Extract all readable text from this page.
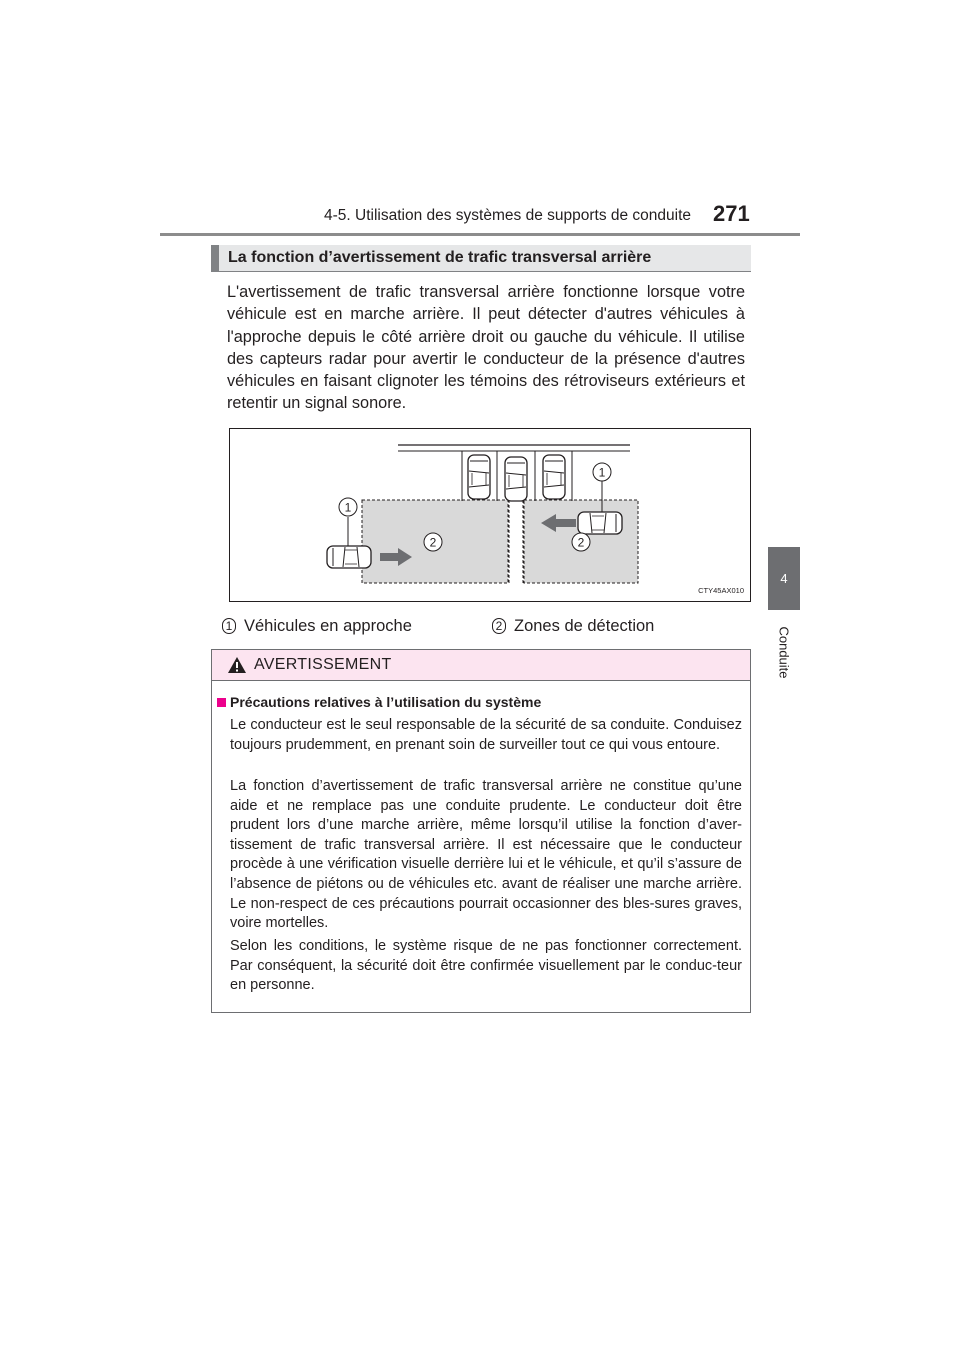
4-5. Utilisation des systèmes de supports de conduite 271
4
Conduite
La fonction d’avertissement de trafic transversal arrière

L'avertissement de trafic transversal arrière fonctionne lorsque votre véhicule est en marche arrière. Il peut détecter d'autres véhicules à l'approche depuis le côté arrière droit ou gauche du véhicule. Il utilise des capteurs radar pour avertir le conducteur de la présence d'autres véhicules en faisant clignoter les témoins des rétroviseurs extérieurs et retentir un signal sonore.

1
2	2
1
CTY45AX010
1 Véhicules en approche	2 Zones de détection
AVERTISSEMENT
Précautions relatives à l’utilisation du système

Le conducteur est le seul responsable de la sécurité de sa conduite. Conduisez toujours prudemment, en prenant soin de surveiller tout ce qui vous entoure.

La fonction d’avertissement de trafic transversal arrière ne constitue qu’une aide et ne remplace pas une conduite prudente. Le conducteur doit être prudent lors d’une marche arrière, même lorsqu’il utilise la fonction d’aver-tissement de trafic transversal arrière. Il est nécessaire que le conducteur procède à une vérification visuelle derrière lui et le véhicule, et qu’il s’assure de l’absence de piétons ou de véhicules etc. avant de réaliser une marche arrière. Le non-respect de ces précautions pourrait occasionner des bles-sures graves, voire mortelles.

Selon les conditions, le système risque de ne pas fonctionner correctement. Par conséquent, la sécurité doit être confirmée visuellement par le conduc-teur en personne.
